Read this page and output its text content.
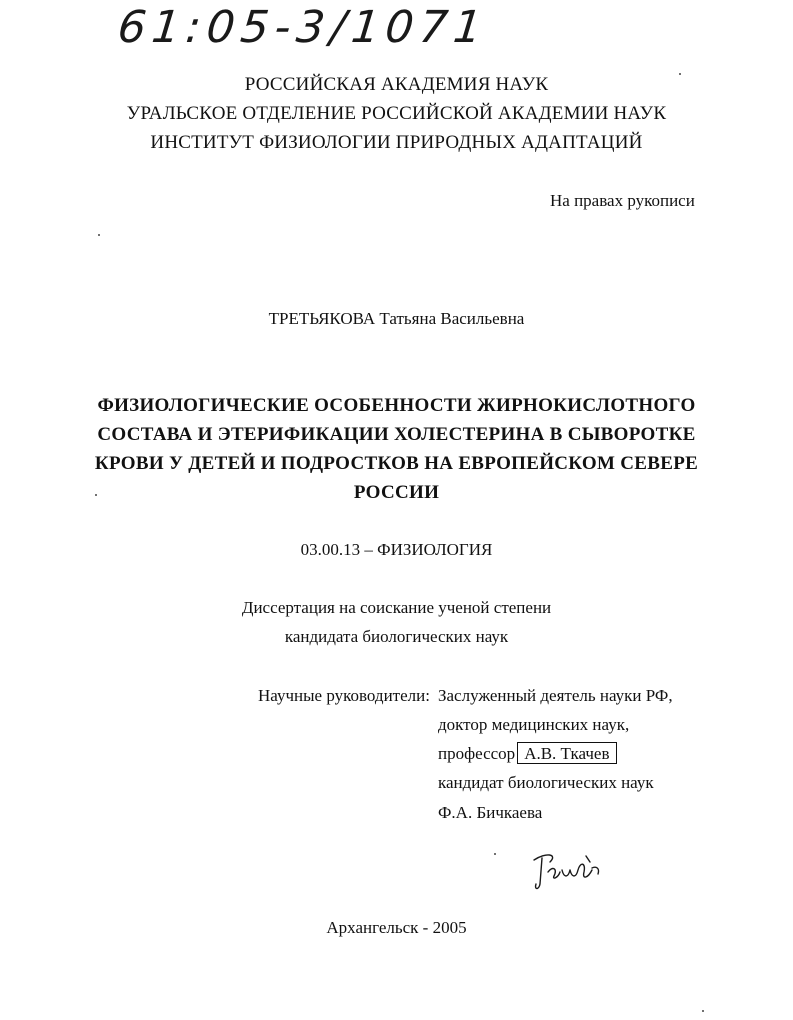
61:05-3/1071
РОССИЙСКАЯ АКАДЕМИЯ НАУК
УРАЛЬСКОЕ ОТДЕЛЕНИЕ РОССИЙСКОЙ АКАДЕМИИ НАУК
ИНСТИТУТ ФИЗИОЛОГИИ ПРИРОДНЫХ АДАПТАЦИЙ
На правах рукописи
ТРЕТЬЯКОВА Татьяна Васильевна
ФИЗИОЛОГИЧЕСКИЕ ОСОБЕННОСТИ ЖИРНОКИСЛОТНОГО
СОСТАВА И ЭТЕРИФИКАЦИИ ХОЛЕСТЕРИНА В СЫВОРОТКЕ
КРОВИ У ДЕТЕЙ И ПОДРОСТКОВ НА ЕВРОПЕЙСКОМ СЕВЕРЕ
РОССИИ
03.00.13 – ФИЗИОЛОГИЯ
Диссертация на соискание ученой степени
кандидата биологических наук
Научные руководители: Заслуженный деятель науки РФ,
доктор медицинских наук,
профессор А.В. Ткачев
кандидат биологических наук
Ф.А. Бичкаева
Архангельск - 2005
